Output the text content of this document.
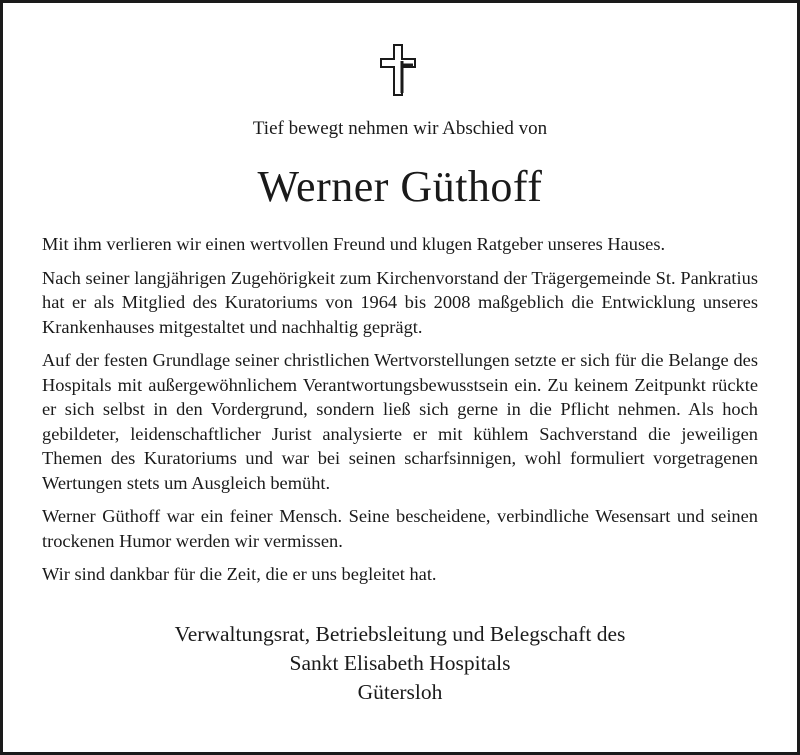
Tief bewegt nehmen wir Abschied von
Werner Güthoff

Mit ihm verlieren wir einen wertvollen Freund und klugen Ratgeber unseres Hauses.

Nach seiner langjährigen Zugehörigkeit zum Kirchenvorstand der Trägergemeinde St. Pankratius hat er als Mitglied des Kuratoriums von 1964 bis 2008 maßgeblich die Entwicklung unseres Krankenhauses mitgestaltet und nachhaltig geprägt.

Auf der festen Grundlage seiner christlichen Wertvorstellungen setzte er sich für die Belange des Hospitals mit außergewöhnlichem Verantwortungsbewusstsein ein. Zu keinem Zeitpunkt rückte er sich selbst in den Vordergrund, sondern ließ sich gerne in die Pflicht nehmen. Als hoch gebildeter, leidenschaftlicher Jurist analysierte er mit kühlem Sachverstand die jeweiligen Themen des Kuratoriums und war bei seinen scharfsinnigen, wohl formuliert vorgetragenen Wertungen stets um Ausgleich bemüht.

Werner Güthoff war ein feiner Mensch. Seine bescheidene, verbindliche Wesensart und seinen trockenen Humor werden wir vermissen.

Wir sind dankbar für die Zeit, die er uns begleitet hat.

Verwaltungsrat, Betriebsleitung und Belegschaft des
Sankt Elisabeth Hospitals
Gütersloh
